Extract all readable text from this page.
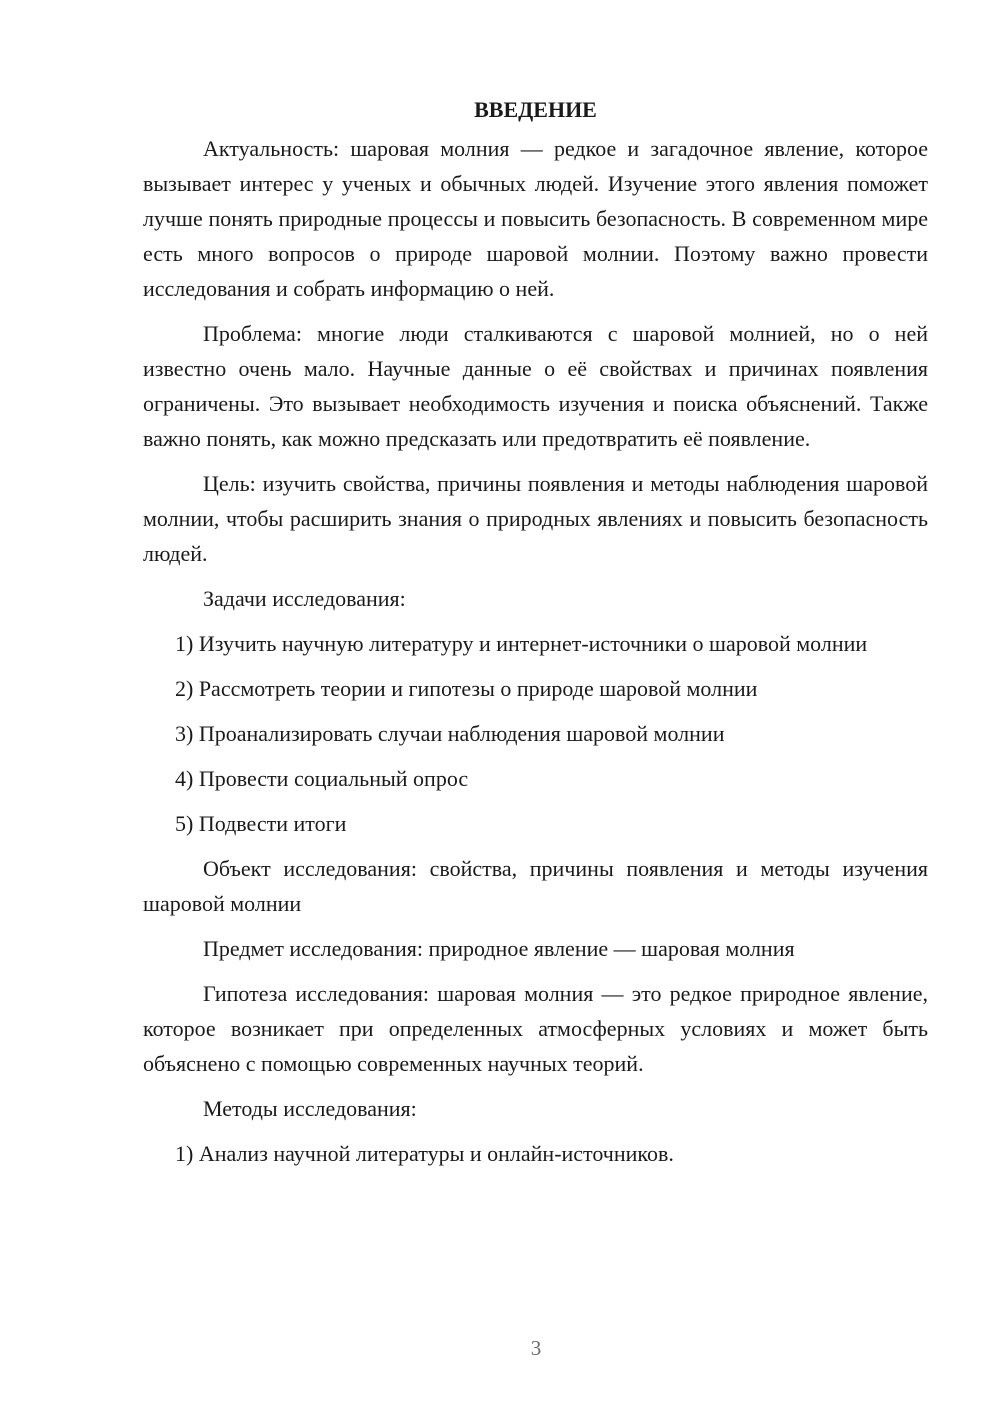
ВВЕДЕНИЕ

Актуальность: шаровая молния — редкое и загадочное явление, которое вызывает интерес у ученых и обычных людей. Изучение этого явления поможет лучше понять природные процессы и повысить безопасность. В современном мире есть много вопросов о природе шаровой молнии. Поэтому важно провести исследования и собрать информацию о ней.

Проблема: многие люди сталкиваются с шаровой молнией, но о ней известно очень мало. Научные данные о её свойствах и причинах появления ограничены. Это вызывает необходимость изучения и поиска объяснений. Также важно понять, как можно предсказать или предотвратить её появление.

Цель: изучить свойства, причины появления и методы наблюдения шаровой молнии, чтобы расширить знания о природных явлениях и повысить безопасность людей.

Задачи исследования:

1) Изучить научную литературу и интернет-источники о шаровой молнии

2) Рассмотреть теории и гипотезы о природе шаровой молнии

3) Проанализировать случаи наблюдения шаровой молнии

4) Провести социальный опрос

5) Подвести итоги

Объект исследования: свойства, причины появления и методы изучения шаровой молнии

Предмет исследования: природное явление — шаровая молния

Гипотеза исследования: шаровая молния — это редкое природное явление, которое возникает при определенных атмосферных условиях и может быть объяснено с помощью современных научных теорий.

Методы исследования:

1) Анализ научной литературы и онлайн-источников.

3
